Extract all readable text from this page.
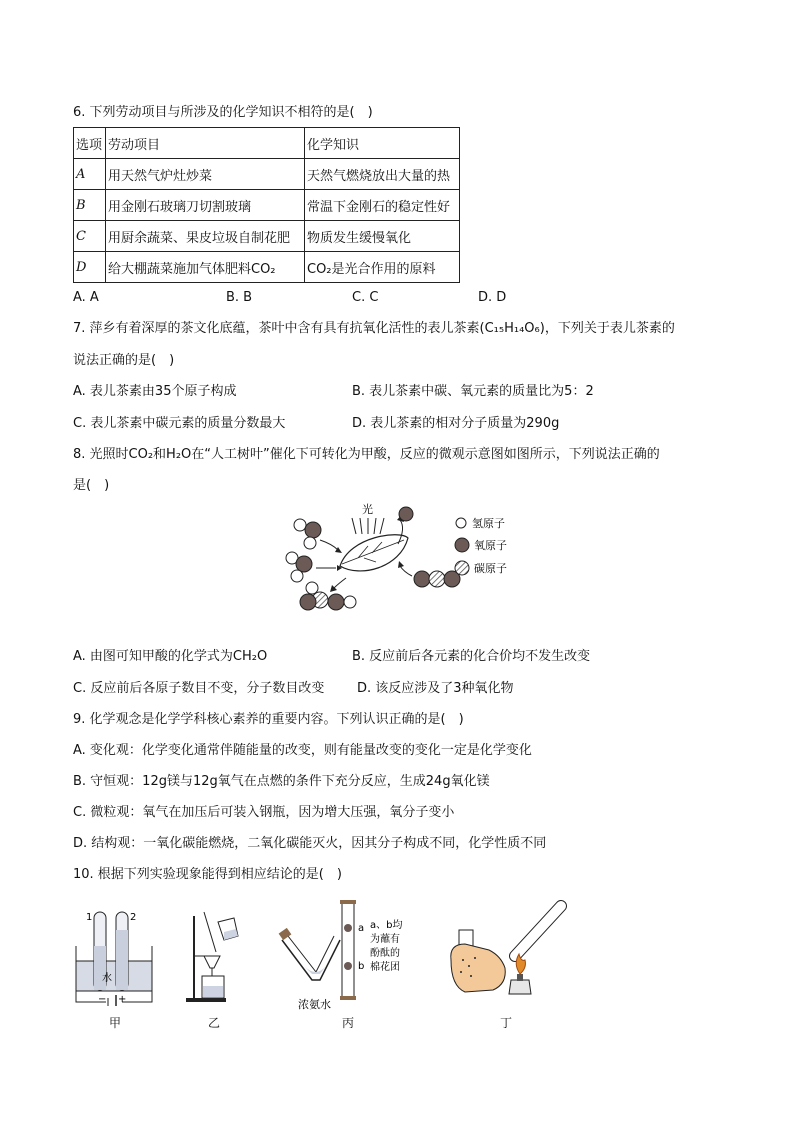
6. 下列劳动项目与所涉及的化学知识不相符的是(　)
选项	劳动项目	化学知识
A	用天然气炉灶炒菜	天然气燃烧放出大量的热
B	用金刚石玻璃刀切割玻璃	常温下金刚石的稳定性好
C	用厨余蔬菜、果皮垃圾自制花肥	物质发生缓慢氧化
D	给大棚蔬菜施加气体肥料CO₂	CO₂是光合作用的原料
A. A	B. B	C. C	D. D
7. 萍乡有着深厚的茶文化底蕴，茶叶中含有具有抗氧化活性的表儿茶素(C₁₅H₁₄O₆)，下列关于表儿茶素的
说法正确的是(　)
A. 表儿茶素由35个原子构成	B. 表儿茶素中碳、氧元素的质量比为5：2
C. 表儿茶素中碳元素的质量分数最大	D. 表儿茶素的相对分子质量为290g
8. 光照时CO₂和H₂O在“人工树叶”催化下可转化为甲酸，反应的微观示意图如图所示，下列说法正确的
是(　)
光
氢原子
氧原子
碳原子
A. 由图可知甲酸的化学式为CH₂O	B. 反应前后各元素的化合价均不发生改变
C. 反应前后各原子数目不变，分子数目改变	D. 该反应涉及了3种氧化物
9. 化学观念是化学学科核心素养的重要内容。下列认识正确的是(　)
A. 变化观：化学变化通常伴随能量的改变，则有能量改变的变化一定是化学变化
B. 守恒观：12g镁与12g氧气在点燃的条件下充分反应，生成24g氧化镁
C. 微粒观：氧气在加压后可装入钢瓶，因为增大压强，氧分子变小
D. 结构观：一氧化碳能燃烧，二氧化碳能灭火，因其分子构成不同，化学性质不同
10. 根据下列实验现象能得到相应结论的是(　)
1	2
水
− +
a
b
a、b均
为蘸有
酚酞的
棉花团
浓氨水
甲	乙	丙	丁
